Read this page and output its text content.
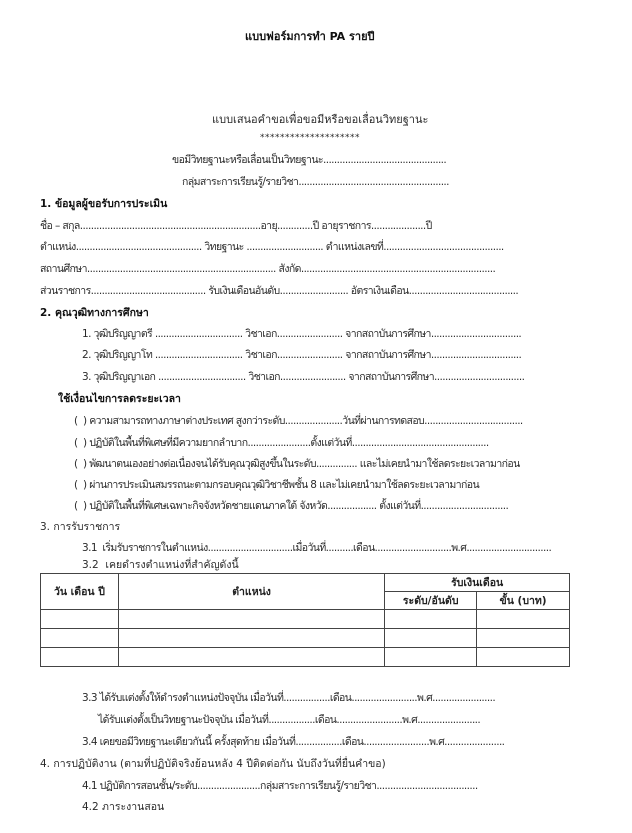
แบบฟอร์มการทำ PA รายปี
แบบเสนอคำขอเพื่อขอมีหรือขอเลื่อนวิทยฐานะ
********************
ขอมีวิทยฐานะหรือเลื่อนเป็นวิทยฐานะ.............................................
กลุ่มสาระการเรียนรู้/รายวิชา.......................................................
1. ข้อมูลผู้ขอรับการประเมิน
ชื่อ – สกุล..................................................................อายุ.............ปี อายุราชการ....................ปี
ตำแหน่ง.............................................. วิทยฐานะ ............................ ตำแหน่งเลขที่............................................
สถานศึกษา..................................................................... สังกัด.......................................................................
ส่วนราชการ.......................................... รับเงินเดือนอันดับ......................... อัตราเงินเดือน........................................
2. คุณวุฒิทางการศึกษา
1. วุฒิปริญญาตรี ................................ วิชาเอก........................ จากสถาบันการศึกษา.................................
2. วุฒิปริญญาโท ................................ วิชาเอก........................ จากสถาบันการศึกษา.................................
3. วุฒิปริญญาเอก ................................ วิชาเอก........................ จากสถาบันการศึกษา.................................
ใช้เงื่อนไขการลดระยะเวลา
(  ) ความสามารถทางภาษาต่างประเทศ สูงกว่าระดับ.....................วันที่ผ่านการทดสอบ....................................
(  ) ปฏิบัติในพื้นที่พิเศษที่มีความยากลำบาก.......................ตั้งแต่วันที่..................................................
(  ) พัฒนาตนเองอย่างต่อเนื่องจนได้รับคุณวุฒิสูงขึ้นในระดับ............... และไม่เคยนำมาใช้ลดระยะเวลามาก่อน
(  ) ผ่านการประเมินสมรรถนะตามกรอบคุณวุฒิวิชาชีพชั้น 8 และไม่เคยนำมาใช้ลดระยะเวลามาก่อน
(  ) ปฏิบัติในพื้นที่พิเศษเฉพาะกิจจังหวัดชายแดนภาคใต้ จังหวัด.................. ตั้งแต่วันที่................................
3. การรับราชการ
3.1  เริ่มรับราชการในตำแหน่ง...............................เมื่อวันที่..........เดือน............................พ.ศ...............................
3.2  เคยดำรงตำแหน่งที่สำคัญดังนี้
วัน เดือน ปี	ตำแหน่ง	รับเงินเดือน	
		ระดับ/อันดับ	ขั้น (บาท)

3.3 ได้รับแต่งตั้งให้ดำรงตำแหน่งปัจจุบัน เมื่อวันที่.................เดือน........................พ.ศ.......................
ได้รับแต่งตั้งเป็นวิทยฐานะปัจจุบัน เมื่อวันที่.................เดือน........................พ.ศ.......................
3.4 เคยขอมีวิทยฐานะเดียวกันนี้ ครั้งสุดท้าย เมื่อวันที่.................เดือน........................พ.ศ......................
4. การปฏิบัติงาน (ตามที่ปฏิบัติจริงย้อนหลัง 4 ปีติดต่อกัน นับถึงวันที่ยื่นคำขอ)
4.1 ปฏิบัติการสอนชั้น/ระดับ.......................กลุ่มสาระการเรียนรู้/รายวิชา.....................................
4.2 ภาระงานสอน
